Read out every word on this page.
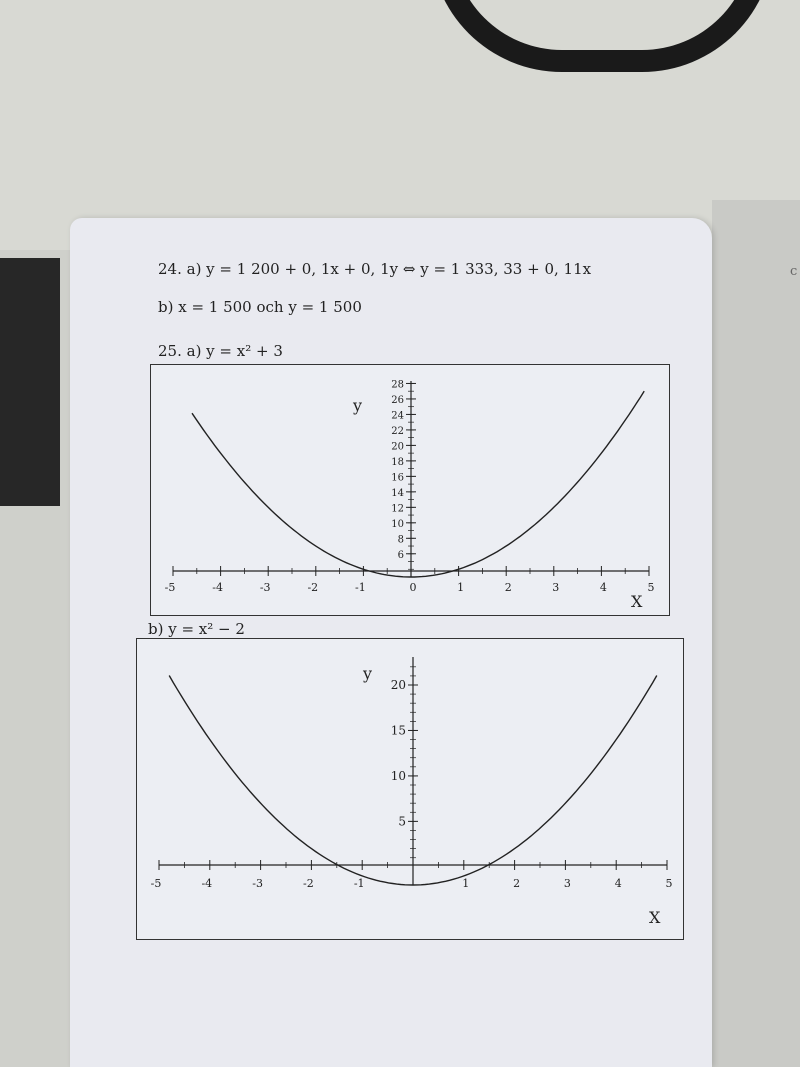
c
24. a) y = 1 200 + 0, 1x + 0, 1y ⇔ y = 1 333, 33 + 0, 11x
b) x = 1 500 och y = 1 500
25. a) y = x² + 3
-5	-4	-3	-2	-1	0	1	2	3	4	5
6
8
10
12
14
16
18
20
22
24
26
28
X
y
b) y = x² − 2
-5	-4	-3	-2	-1	1	2	3	4	5
5
10
15
20
X
y
